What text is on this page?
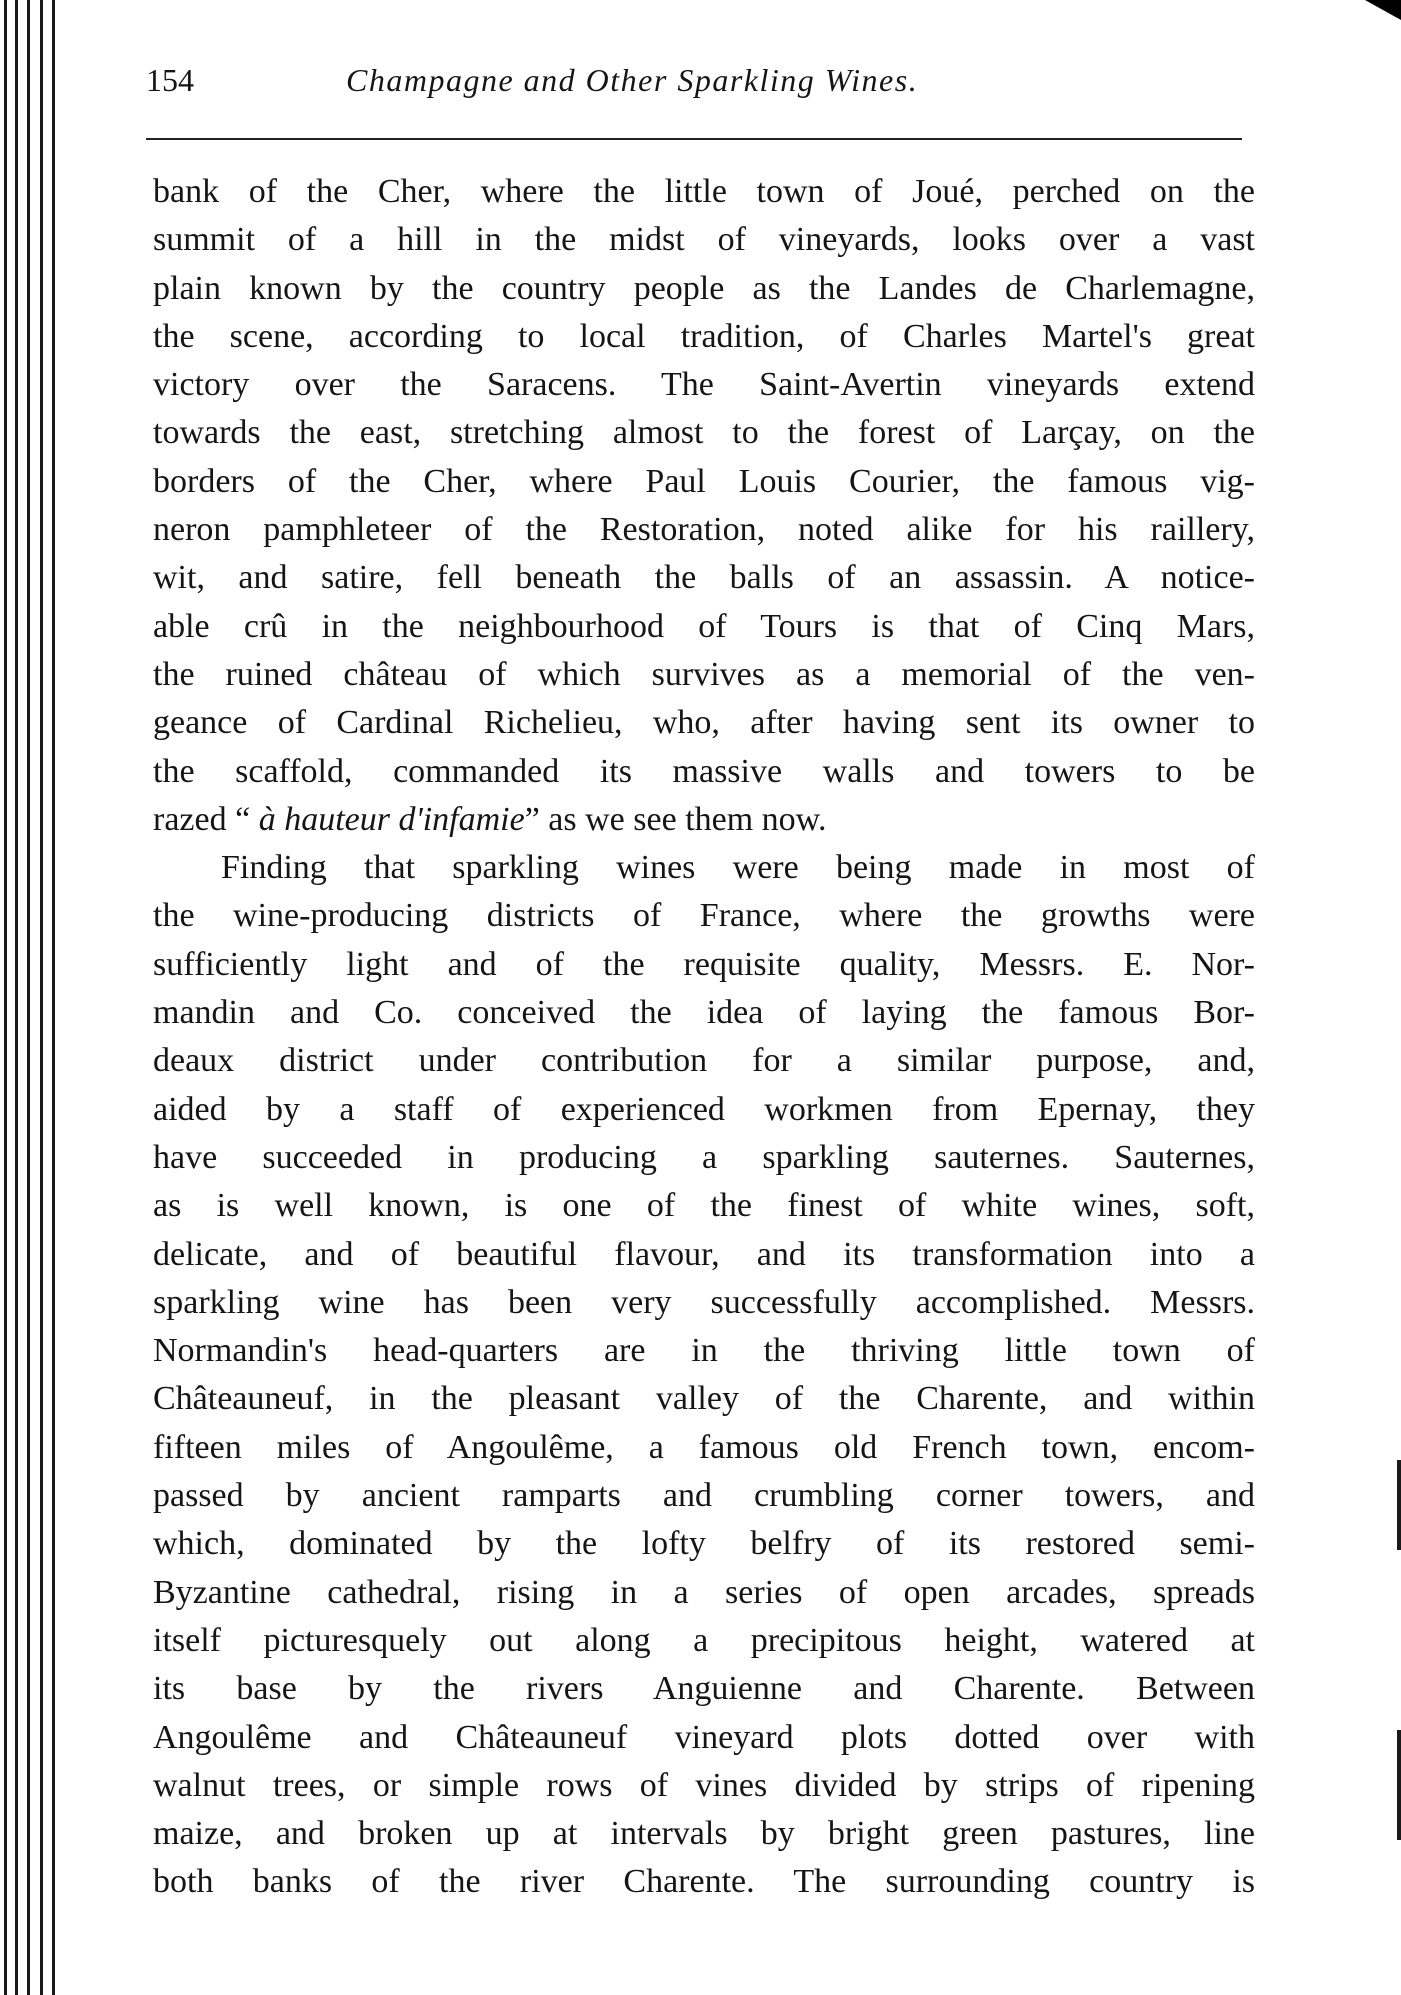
154	Champagne and Other Sparkling Wines.
bank of the Cher, where the little town of Joué, perched on the
summit of a hill in the midst of vineyards, looks over a vast
plain known by the country people as the Landes de Charlemagne,
the scene, according to local tradition, of Charles Martel's great
victory over the Saracens. The Saint-Avertin vineyards extend
towards the east, stretching almost to the forest of Larçay, on the
borders of the Cher, where Paul Louis Courier, the famous vig-
neron pamphleteer of the Restoration, noted alike for his raillery,
wit, and satire, fell beneath the balls of an assassin. A notice-
able crû in the neighbourhood of Tours is that of Cinq Mars,
the ruined château of which survives as a memorial of the ven-
geance of Cardinal Richelieu, who, after having sent its owner to
the scaffold, commanded its massive walls and towers to be
razed “ à hauteur d'infamie” as we see them now.
Finding that sparkling wines were being made in most of
the wine-producing districts of France, where the growths were
sufficiently light and of the requisite quality, Messrs. E. Nor-
mandin and Co. conceived the idea of laying the famous Bor-
deaux district under contribution for a similar purpose, and,
aided by a staff of experienced workmen from Epernay, they
have succeeded in producing a sparkling sauternes. Sauternes,
as is well known, is one of the finest of white wines, soft,
delicate, and of beautiful flavour, and its transformation into a
sparkling wine has been very successfully accomplished. Messrs.
Normandin's head-quarters are in the thriving little town of
Châteauneuf, in the pleasant valley of the Charente, and within
fifteen miles of Angoulême, a famous old French town, encom-
passed by ancient ramparts and crumbling corner towers, and
which, dominated by the lofty belfry of its restored semi-
Byzantine cathedral, rising in a series of open arcades, spreads
itself picturesquely out along a precipitous height, watered at
its base by the rivers Anguienne and Charente. Between
Angoulême and Châteauneuf vineyard plots dotted over with
walnut trees, or simple rows of vines divided by strips of ripening
maize, and broken up at intervals by bright green pastures, line
both banks of the river Charente. The surrounding country is
